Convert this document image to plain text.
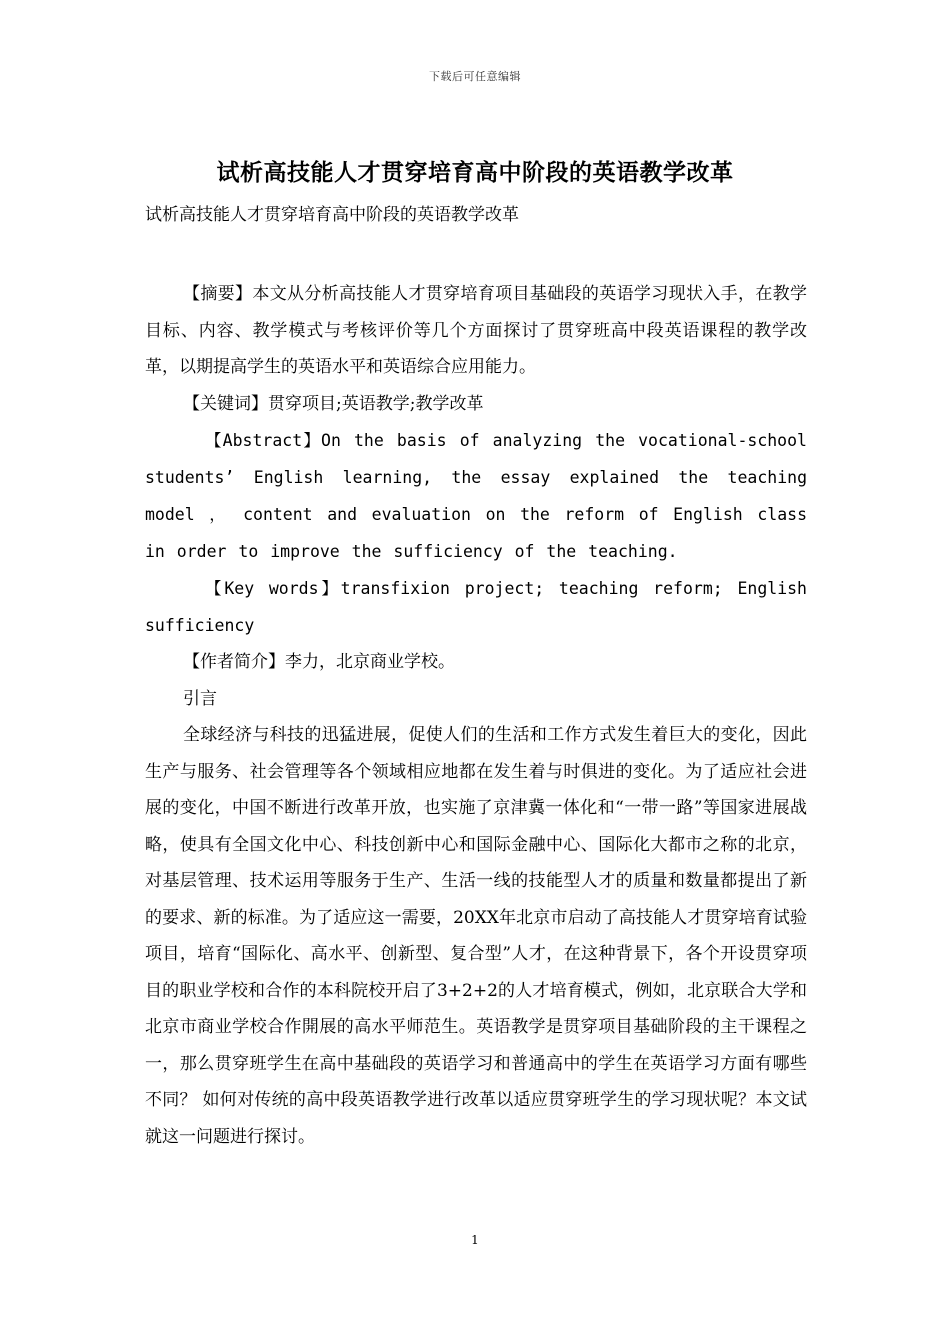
下载后可任意编辑
试析高技能人才贯穿培育高中阶段的英语教学改革
试析高技能人才贯穿培育高中阶段的英语教学改革

【摘要】本文从分析高技能人才贯穿培育项目基础段的英语学习现状入手，在教学目标、内容、教学模式与考核评价等几个方面探讨了贯穿班高中段英语课程的教学改革，以期提高学生的英语水平和英语综合应用能力。

【关键词】贯穿项目;英语教学;教学改革

【Abstract】On the basis of analyzing the vocational-school students’ English learning, the essay explained the teaching model ， content and evaluation on the reform of English class in order to improve the sufficiency of the teaching.

【Key words】transfixion project; teaching reform; English sufficiency

【作者简介】李力，北京商业学校。

引言

全球经济与科技的迅猛进展，促使人们的生活和工作方式发生着巨大的变化，因此生产与服务、社会管理等各个领域相应地都在发生着与时俱进的变化。为了适应社会进展的变化，中国不断进行改革开放，也实施了京津冀一体化和“一带一路”等国家进展战略，使具有全国文化中心、科技创新中心和国际金融中心、国际化大都市之称的北京，对基层管理、技术运用等服务于生产、生活一线的技能型人才的质量和数量都提出了新的要求、新的标准。为了适应这一需要，20XX年北京市启动了高技能人才贯穿培育试验项目，培育“国际化、高水平、创新型、复合型”人才，在这种背景下，各个开设贯穿项目的职业学校和合作的本科院校开启了3+2+2的人才培育模式，例如，北京联合大学和北京市商业学校合作開展的高水平师范生。英语教学是贯穿项目基础阶段的主干课程之一，那么贯穿班学生在高中基础段的英语学习和普通高中的学生在英语学习方面有哪些不同？ 如何对传统的高中段英语教学进行改革以适应贯穿班学生的学习现状呢？本文试就这一问题进行探讨。

1
